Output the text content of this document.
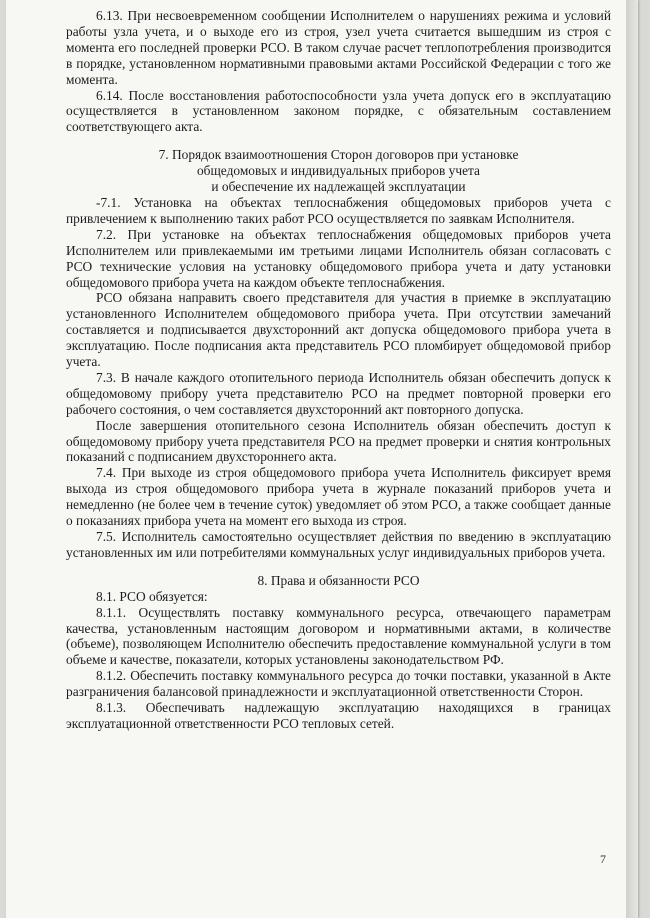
6.13. При несвоевременном сообщении Исполнителем о нарушениях режима и условий работы узла учета, и о выходе его из строя, узел учета считается вышедшим из строя с момента его последней проверки РСО. В таком случае расчет теплопотребления производится в порядке, установленном нормативными правовыми актами Российской Федерации с того же момента.

6.14. После восстановления работоспособности узла учета допуск его в эксплуатацию осуществляется в установленном законом порядке, с обязательным составлением соответствующего акта.

7. Порядок взаимоотношения Сторон договоров при установке
общедомовых и индивидуальных приборов учета
и обеспечение их надлежащей эксплуатации

-7.1. Установка на объектах теплоснабжения общедомовых приборов учета с привлечением к выполнению таких работ РСО осуществляется по заявкам Исполнителя.

7.2. При установке на объектах теплоснабжения общедомовых приборов учета Исполнителем или привлекаемыми им третьими лицами Исполнитель обязан согласовать с РСО технические условия на установку общедомового прибора учета и дату установки общедомового прибора учета на каждом объекте теплоснабжения.

РСО обязана направить своего представителя для участия в приемке в эксплуатацию установленного Исполнителем общедомового прибора учета. При отсутствии замечаний составляется и подписывается двухсторонний акт допуска общедомового прибора учета в эксплуатацию. После подписания акта представитель РСО пломбирует общедомовой прибор учета.

7.3. В начале каждого отопительного периода Исполнитель обязан обеспечить допуск к общедомовому прибору учета представителю РСО на предмет повторной проверки его рабочего состояния, о чем составляется двухсторонний акт повторного допуска.

После завершения отопительного сезона Исполнитель обязан обеспечить доступ к общедомовому прибору учета представителя РСО на предмет проверки и снятия контрольных показаний с подписанием двухстороннего акта.

7.4. При выходе из строя общедомового прибора учета Исполнитель фиксирует время выхода из строя общедомового прибора учета в журнале показаний приборов учета и немедленно (не более чем в течение суток) уведомляет об этом РСО, а также сообщает данные о показаниях прибора учета на момент его выхода из строя.

7.5. Исполнитель самостоятельно осуществляет действия по введению в эксплуатацию установленных им или потребителями коммунальных услуг индивидуальных приборов учета.

8. Права и обязанности РСО

8.1. РСО обязуется:

8.1.1. Осуществлять поставку коммунального ресурса, отвечающего параметрам качества, установленным настоящим договором и нормативными актами, в количестве (объеме), позволяющем Исполнителю обеспечить предоставление коммунальной услуги в том объеме и качестве, показатели, которых установлены законодательством РФ.

8.1.2. Обеспечить поставку коммунального ресурса до точки поставки, указанной в Акте разграничения балансовой принадлежности и эксплуатационной ответственности Сторон.

8.1.3. Обеспечивать надлежащую эксплуатацию находящихся в границах эксплуатационной ответственности РСО тепловых сетей.

7
